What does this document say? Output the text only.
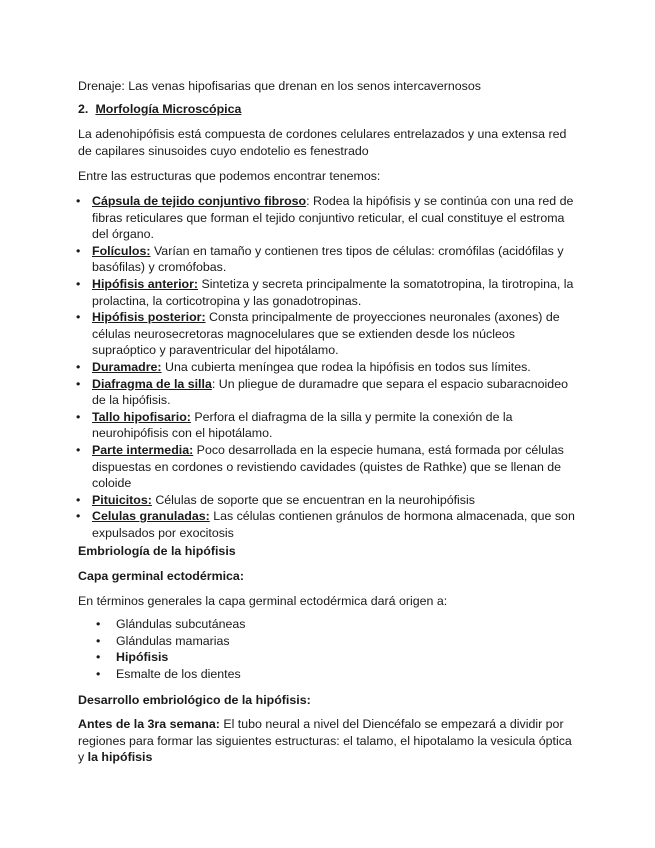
Drenaje: Las venas hipofisarias que drenan en los senos intercavernosos

2. Morfología Microscópica

La adenohipófisis está compuesta de cordones celulares entrelazados y una extensa red de capilares sinusoides cuyo endotelio es fenestrado

Entre las estructuras que podemos encontrar tenemos:

• Cápsula de tejido conjuntivo fibroso: Rodea la hipófisis y se continúa con una red de fibras reticulares que forman el tejido conjuntivo reticular, el cual constituye el estroma del órgano.
• Folículos: Varían en tamaño y contienen tres tipos de células: cromófilas (acidófilas y basófilas) y cromófobas.
• Hipófisis anterior: Sintetiza y secreta principalmente la somatotropina, la tirotropina, la prolactina, la corticotropina y las gonadotropinas.
• Hipófisis posterior: Consta principalmente de proyecciones neuronales (axones) de células neurosecretoras magnocelulares que se extienden desde los núcleos supraóptico y paraventricular del hipotálamo.
• Duramadre: Una cubierta meníngea que rodea la hipófisis en todos sus límites.
• Diafragma de la silla: Un pliegue de duramadre que separa el espacio subaracnoideo de la hipófisis.
• Tallo hipofisario: Perfora el diafragma de la silla y permite la conexión de la neurohipófisis con el hipotálamo.
• Parte intermedia: Poco desarrollada en la especie humana, está formada por células dispuestas en cordones o revistiendo cavidades (quistes de Rathke) que se llenan de coloide
• Pituicitos: Células de soporte que se encuentran en la neurohipófisis
• Celulas granuladas: Las células contienen gránulos de hormona almacenada, que son expulsados por exocitosis

Embriología de la hipófisis

Capa germinal ectodérmica:

En términos generales la capa germinal ectodérmica dará origen a:

• Glándulas subcutáneas
• Glándulas mamarias
• Hipófisis
• Esmalte de los dientes

Desarrollo embriológico de la hipófisis:

Antes de la 3ra semana: El tubo neural a nivel del Diencéfalo se empezará a dividir por regiones para formar las siguientes estructuras: el talamo, el hipotalamo la vesicula óptica y la hipófisis
